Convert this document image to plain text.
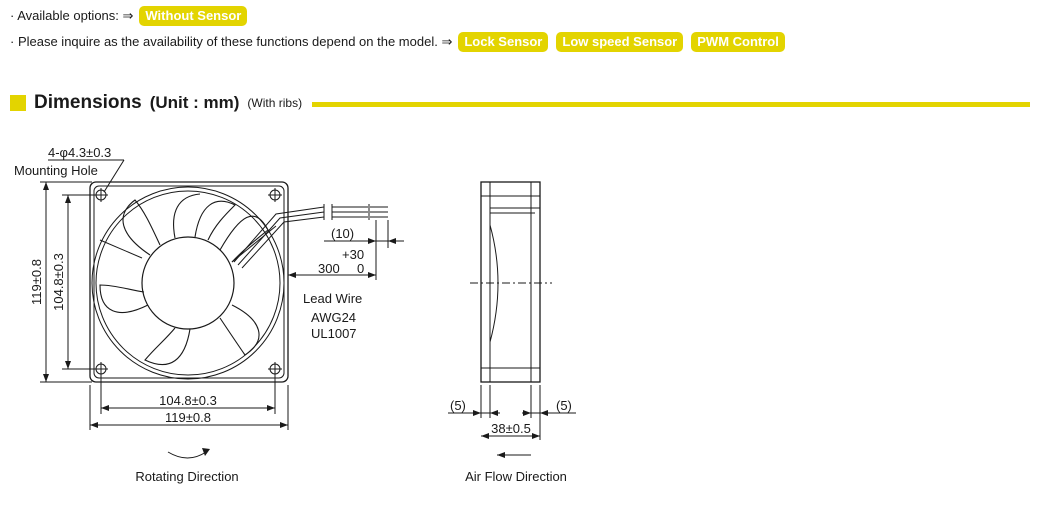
· Available options: ⇒ Without Sensor
· Please inquire as the availability of these functions depend on the model. ⇒ Lock Sensor	Low speed Sensor	PWM Control
Dimensions (Unit : mm) (With ribs)
4-φ4.3±0.3
Mounting Hole
119±0.8 104.8±0.3
104.8±0.3
119±0.8
(10)
+30
300 0
Lead Wire
AWG24
UL1007
Rotating Direction
(5)	(5)
38±0.5
Air Flow Direction
